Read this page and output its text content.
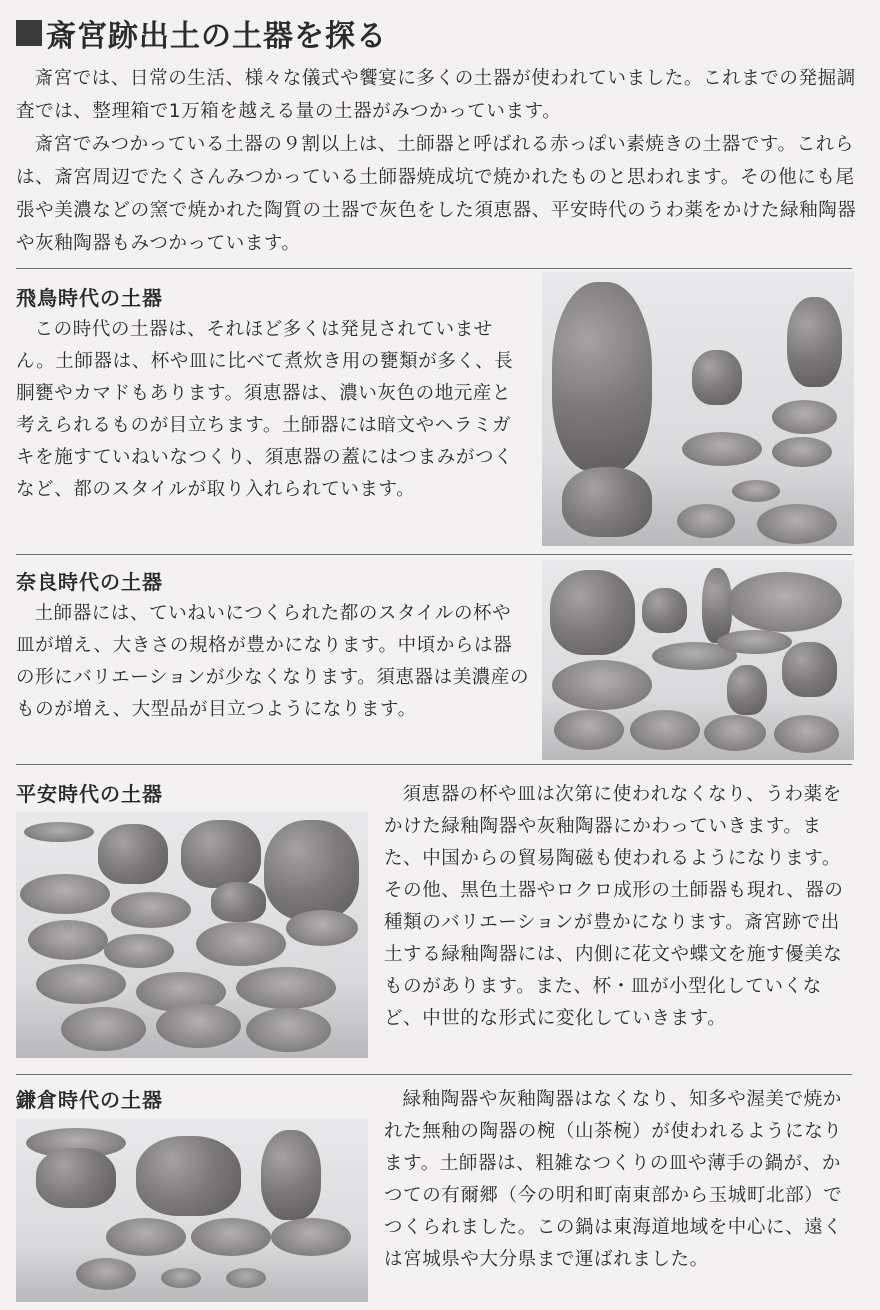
斎宮跡出土の土器を探る

斎宮では、日常の生活、様々な儀式や饗宴に多くの土器が使われていました。これまでの発掘調査では、整理箱で1万箱を越える量の土器がみつかっています。

斎宮でみつかっている土器の９割以上は、土師器と呼ばれる赤っぽい素焼きの土器です。これらは、斎宮周辺でたくさんみつかっている土師器焼成坑で焼かれたものと思われます。その他にも尾張や美濃などの窯で焼かれた陶質の土器で灰色をした須恵器、平安時代のうわ薬をかけた緑釉陶器や灰釉陶器もみつかっています。

飛鳥時代の土器

この時代の土器は、それほど多くは発見されていません。土師器は、杯や皿に比べて煮炊き用の甕類が多く、長胴甕やカマドもあります。須恵器は、濃い灰色の地元産と考えられるものが目立ちます。土師器には暗文やヘラミガキを施すていねいなつくり、須恵器の蓋にはつまみがつくなど、都のスタイルが取り入れられています。

奈良時代の土器

土師器には、ていねいにつくられた都のスタイルの杯や皿が増え、大きさの規格が豊かになります。中頃からは器の形にバリエーションが少なくなります。須恵器は美濃産のものが増え、大型品が目立つようになります。

平安時代の土器	須恵器の杯や皿は次第に使われなくなり、うわ薬をかけた緑釉陶器や灰釉陶器にかわっていきます。また、中国からの貿易陶磁も使われるようになります。その他、黒色土器やロクロ成形の土師器も現れ、器の種類のバリエーションが豊かになります。斎宮跡で出土する緑釉陶器には、内側に花文や蝶文を施す優美なものがあります。また、杯・皿が小型化していくなど、中世的な形式に変化していきます。

鎌倉時代の土器	緑釉陶器や灰釉陶器はなくなり、知多や渥美で焼かれた無釉の陶器の椀（山茶椀）が使われるようになります。土師器は、粗雑なつくりの皿や薄手の鍋が、かつての有爾郷（今の明和町南東部から玉城町北部）でつくられました。この鍋は東海道地域を中心に、遠くは宮城県や大分県まで運ばれました。
